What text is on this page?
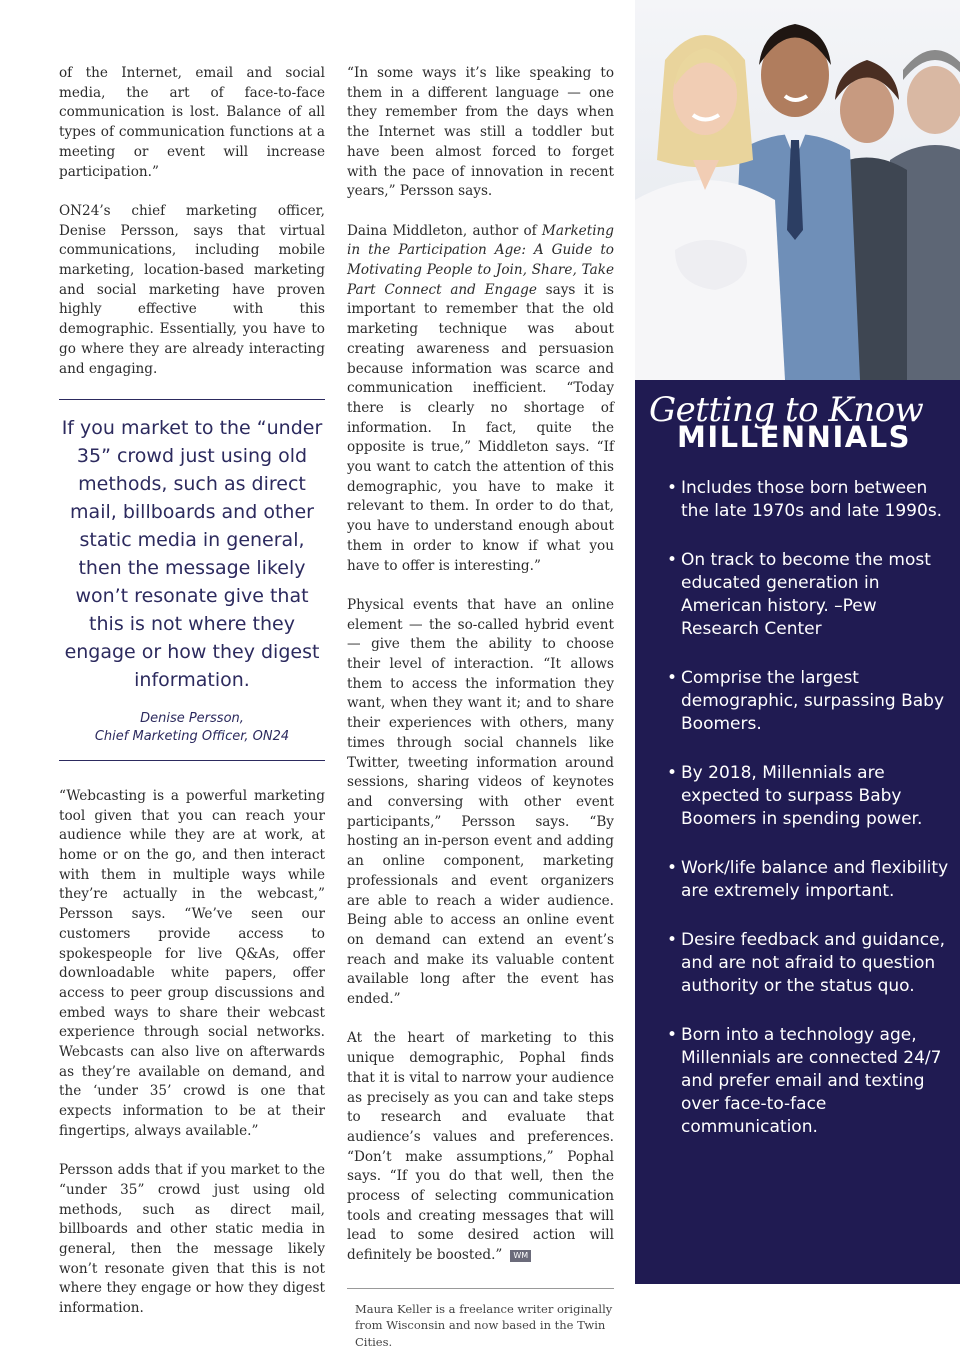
of the Internet, email and social media, the art of face-to-face communication is lost. Balance of all types of communication functions at a meeting or event will increase participation.”

ON24’s chief marketing officer, Denise Persson, says that virtual communications, including mobile marketing, location-based marketing and social marketing have proven highly effective with this demographic. Essentially, you have to go where they are already interacting and engaging.

If you market to the “under 35” crowd just using old methods, such as direct mail, billboards and other static media in general, then the message likely won’t resonate give that this is not where they engage or how they digest information.
Denise Persson,
Chief Marketing Officer, ON24

“Webcasting is a powerful marketing tool given that you can reach your audience while they are at work, at home or on the go, and then interact with them in multiple ways while they’re actually in the webcast,” Persson says. “We’ve seen our customers provide access to spokespeople for live Q&As, offer downloadable white papers, offer access to peer group discussions and embed ways to share their webcast experience through social networks. Webcasts can also live on afterwards as they’re available on demand, and the ‘under 35’ crowd is one that expects information to be at their fingertips, always available.”

Persson adds that if you market to the “under 35” crowd just using old methods, such as direct mail, billboards and other static media in general, then the message likely won’t resonate given that this is not where they engage or how they digest information.

“In some ways it’s like speaking to them in a different language — one they remember from the days when the Internet was still a toddler but have been almost forced to forget with the pace of innovation in recent years,” Persson says.

Daina Middleton, author of Marketing in the Participation Age: A Guide to Motivating People to Join, Share, Take Part Connect and Engage says it is important to remember that the old marketing technique was about creating awareness and persuasion because information was scarce and communication inefficient. “Today there is clearly no shortage of information. In fact, quite the opposite is true,” Middleton says. “If you want to catch the attention of this demographic, you have to make it relevant to them. In order to do that, you have to understand enough about them in order to know if what you have to offer is interesting.”

Physical events that have an online element — the so-called hybrid event — give them the ability to choose their level of interaction. “It allows them to access the information they want, when they want it; and to share their experiences with others, many times through social channels like Twitter, tweeting information around sessions, sharing videos of keynotes and conversing with other event participants,” Persson says. “By hosting an in-person event and adding an online component, marketing professionals and event organizers are able to reach a wider audience. Being able to access an online event on demand can extend an event’s reach and make its valuable content available long after the event has ended.”

At the heart of marketing to this unique demographic, Pophal finds that it is vital to narrow your audience as precisely as you can and take steps to research and evaluate that audience’s values and preferences. “Don’t make assumptions,” Pophal says. “If you do that well, then the process of selecting communication tools and creating messages that will lead to some desired action will definitely be boosted.” WM

Maura Keller is a freelance writer originally from Wisconsin and now based in the Twin Cities.
Getting to Know
MILLENNIALS
• Includes those born between the late 1970s and late 1990s.
• On track to become the most educated generation in American history. –Pew Research Center
• Comprise the largest demographic, surpassing Baby Boomers.
• By 2018, Millennials are expected to surpass Baby Boomers in spending power.
• Work/life balance and flexibility are extremely important.
• Desire feedback and guidance, and are not afraid to question authority or the status quo.
• Born into a technology age, Millennials are connected 24/7 and prefer email and texting over face-to-face communication.
